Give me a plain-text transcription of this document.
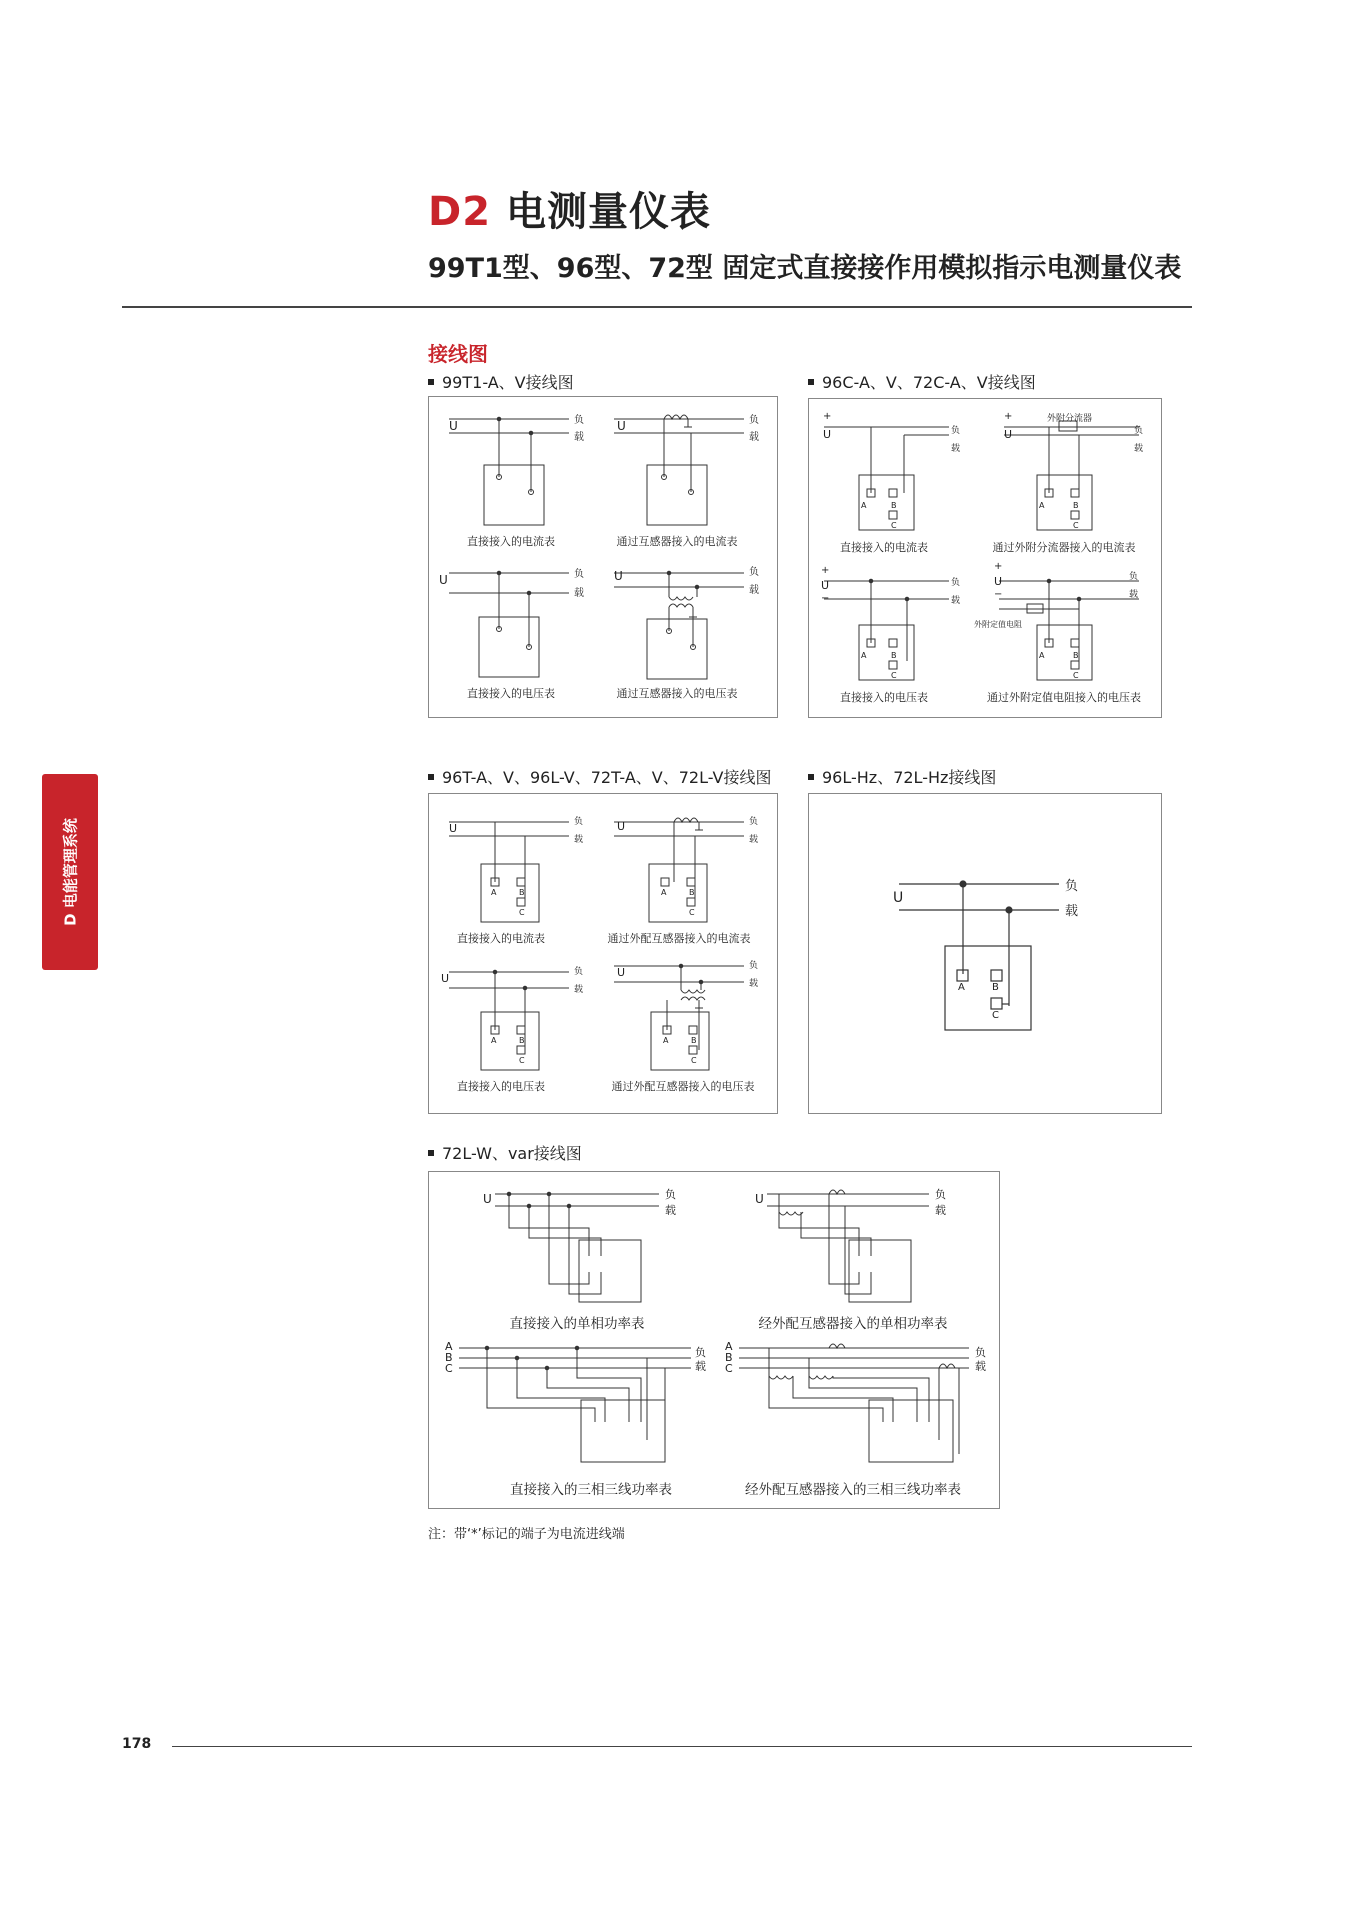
D2 电测量仪表
99T1型、96型、72型 固定式直接接作用模拟指示电测量仪表
D 电能管理系统
接线图
99T1-A、V接线图	96C-A、V、72C-A、V接线图
96T-A、V、96L-V、72T-A、V、72L-V接线图	96L-Hz、72L-Hz接线图
72L-W、var接线图
U	负
载
U	负
载
U	负
载
U	负
载
直接接入的电流表	通过互感器接入的电流表
直接接入的电压表	通过互感器接入的电压表
+
U	负
载
A	B
C
+
U
外附分流器
负
载
A	B
C
+
U
−
负
载
A	B
C
+
U
−
外附定值电阻
负
载
A	B
C
直接接入的电流表	通过外附分流器接入的电流表
直接接入的电压表	通过外附定值电阻接入的电压表
U	负
载
A	B
C
U	负
载
A	B
C
U	负
载
A	B
C
U	负
载
A	B
C
直接接入的电流表	通过外配互感器接入的电流表
直接接入的电压表	通过外配互感器接入的电压表
U
负
载
A	B
C
U	负
载
U	负
载
A
B
C
负
载
A
B
C
负
载
直接接入的单相功率表	经外配互感器接入的单相功率表
直接接入的三相三线功率表	经外配互感器接入的三相三线功率表
注：带‘*’标记的端子为电流进线端
178
